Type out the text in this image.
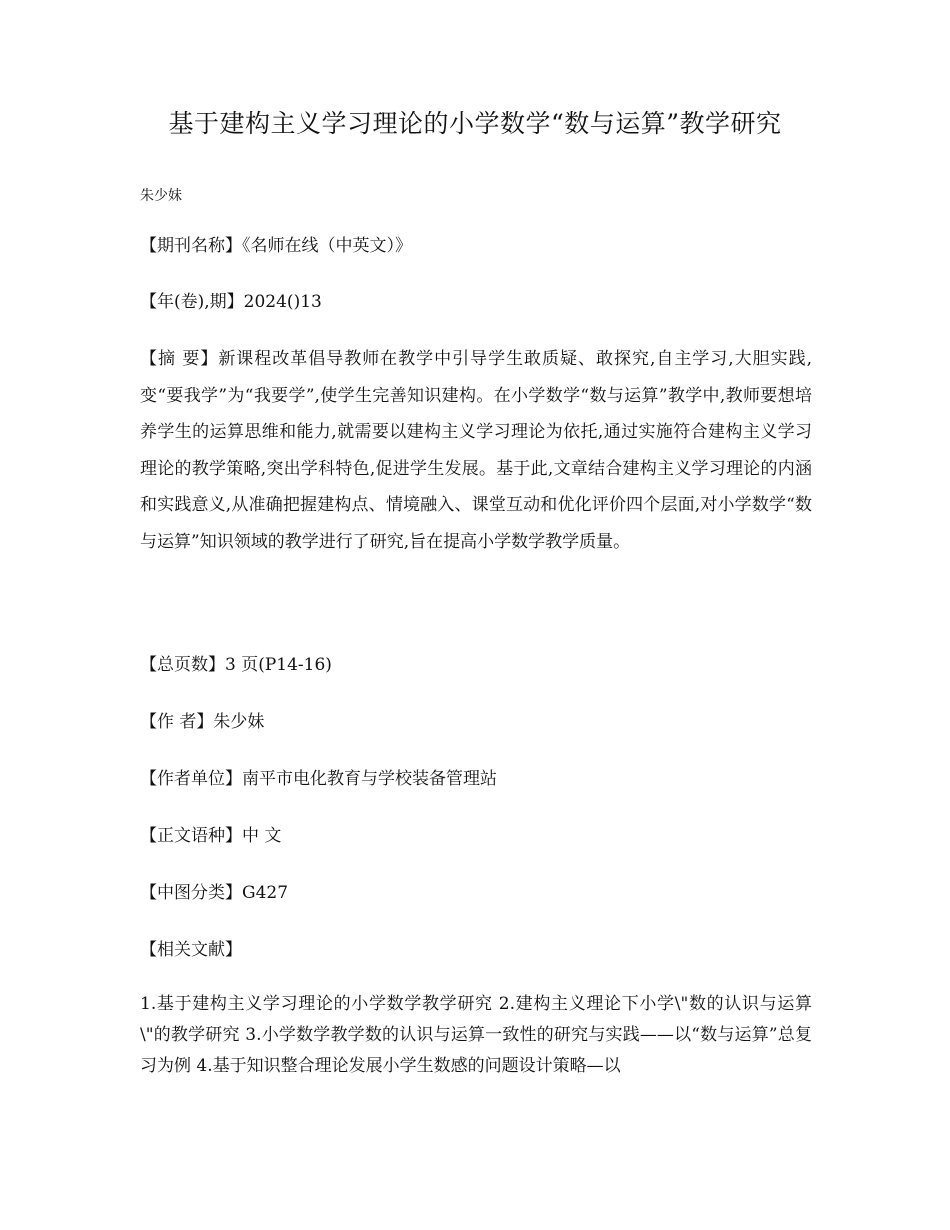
基于建构主义学习理论的小学数学“数与运算”教学研究
朱少妹
【期刊名称】《名师在线（中英文）》
【年(卷),期】2024()13
【摘 要】新课程改革倡导教师在教学中引导学生敢质疑、敢探究,自主学习,大胆实践,变“要我学”为“我要学”,使学生完善知识建构。在小学数学“数与运算”教学中,教师要想培养学生的运算思维和能力,就需要以建构主义学习理论为依托,通过实施符合建构主义学习理论的教学策略,突出学科特色,促进学生发展。基于此,文章结合建构主义学习理论的内涵和实践意义,从准确把握建构点、情境融入、课堂互动和优化评价四个层面,对小学数学“数与运算”知识领域的教学进行了研究,旨在提高小学数学教学质量。
【总页数】3 页(P14-16)
【作 者】朱少妹
【作者单位】南平市电化教育与学校装备管理站
【正文语种】中 文
【中图分类】G427
【相关文献】
1.基于建构主义学习理论的小学数学教学研究 2.建构主义理论下小学\"数的认识与运算\"的教学研究 3.小学数学教学数的认识与运算一致性的研究与实践——以“数与运算”总复习为例 4.基于知识整合理论发展小学生数感的问题设计策略—以
